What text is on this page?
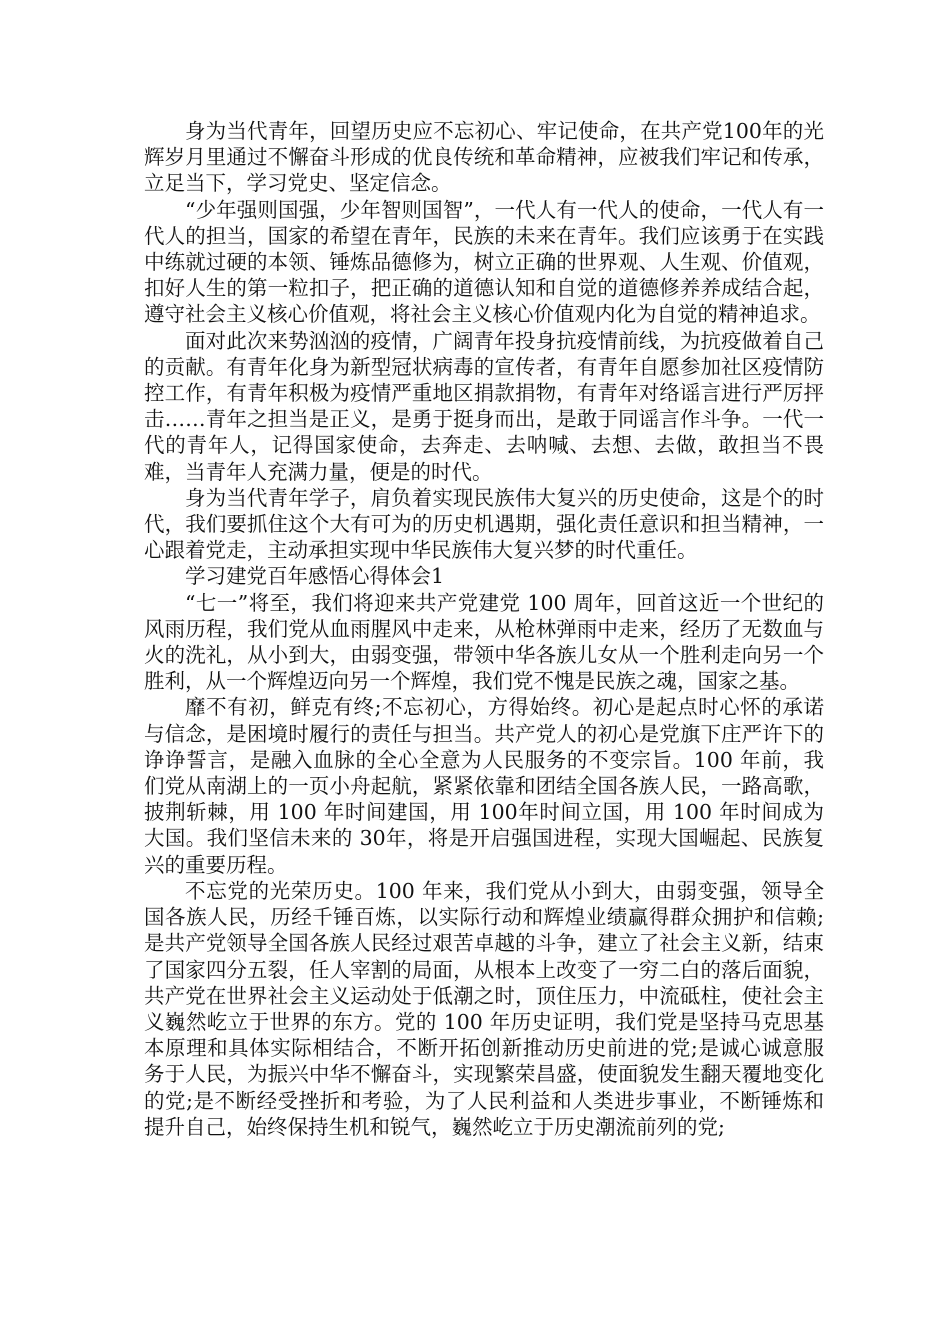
身为当代青年，回望历史应不忘初心、牢记使命，在共产党100年的光辉岁月里通过不懈奋斗形成的优良传统和革命精神，应被我们牢记和传承，立足当下，学习党史、坚定信念。

“少年强则国强，少年智则国智”，一代人有一代人的使命，一代人有一代人的担当，国家的希望在青年，民族的未来在青年。我们应该勇于在实践中练就过硬的本领、锤炼品德修为，树立正确的世界观、人生观、价值观，扣好人生的第一粒扣子，把正确的道德认知和自觉的道德修养养成结合起，遵守社会主义核心价值观，将社会主义核心价值观内化为自觉的精神追求。

面对此次来势汹汹的疫情，广阔青年投身抗疫情前线，为抗疫做着自己的贡献。有青年化身为新型冠状病毒的宣传者，有青年自愿参加社区疫情防控工作，有青年积极为疫情严重地区捐款捐物，有青年对络谣言进行严厉抨击……青年之担当是正义，是勇于挺身而出，是敢于同谣言作斗争。一代一代的青年人，记得国家使命，去奔走、去呐喊、去想、去做，敢担当不畏难，当青年人充满力量，便是的时代。

身为当代青年学子，肩负着实现民族伟大复兴的历史使命，这是个的时代，我们要抓住这个大有可为的历史机遇期，强化责任意识和担当精神，一心跟着党走，主动承担实现中华民族伟大复兴梦的时代重任。

学习建党百年感悟心得体会1

“七一”将至，我们将迎来共产党建党 100 周年，回首这近一个世纪的风雨历程，我们党从血雨腥风中走来，从枪林弹雨中走来，经历了无数血与火的洗礼，从小到大，由弱变强，带领中华各族儿女从一个胜利走向另一个胜利，从一个辉煌迈向另一个辉煌，我们党不愧是民族之魂，国家之基。

靡不有初，鲜克有终;不忘初心，方得始终。初心是起点时心怀的承诺与信念，是困境时履行的责任与担当。共产党人的初心是党旗下庄严许下的诤诤誓言，是融入血脉的全心全意为人民服务的不变宗旨。100 年前，我们党从南湖上的一页小舟起航，紧紧依靠和团结全国各族人民，一路高歌，披荆斩棘，用 100 年时间建国，用 100年时间立国，用 100 年时间成为大国。我们坚信未来的 30年，将是开启强国进程，实现大国崛起、民族复兴的重要历程。

不忘党的光荣历史。100 年来，我们党从小到大，由弱变强，领导全国各族人民，历经千锤百炼，以实际行动和辉煌业绩赢得群众拥护和信赖;是共产党领导全国各族人民经过艰苦卓越的斗争，建立了社会主义新，结束了国家四分五裂，任人宰割的局面，从根本上改变了一穷二白的落后面貌，共产党在世界社会主义运动处于低潮之时，顶住压力，中流砥柱，使社会主义巍然屹立于世界的东方。党的 100 年历史证明，我们党是坚持马克思基本原理和具体实际相结合，不断开拓创新推动历史前进的党;是诚心诚意服务于人民，为振兴中华不懈奋斗，实现繁荣昌盛，使面貌发生翻天覆地变化的党;是不断经受挫折和考验，为了人民利益和人类进步事业，不断锤炼和提升自己，始终保持生机和锐气，巍然屹立于历史潮流前列的党;
